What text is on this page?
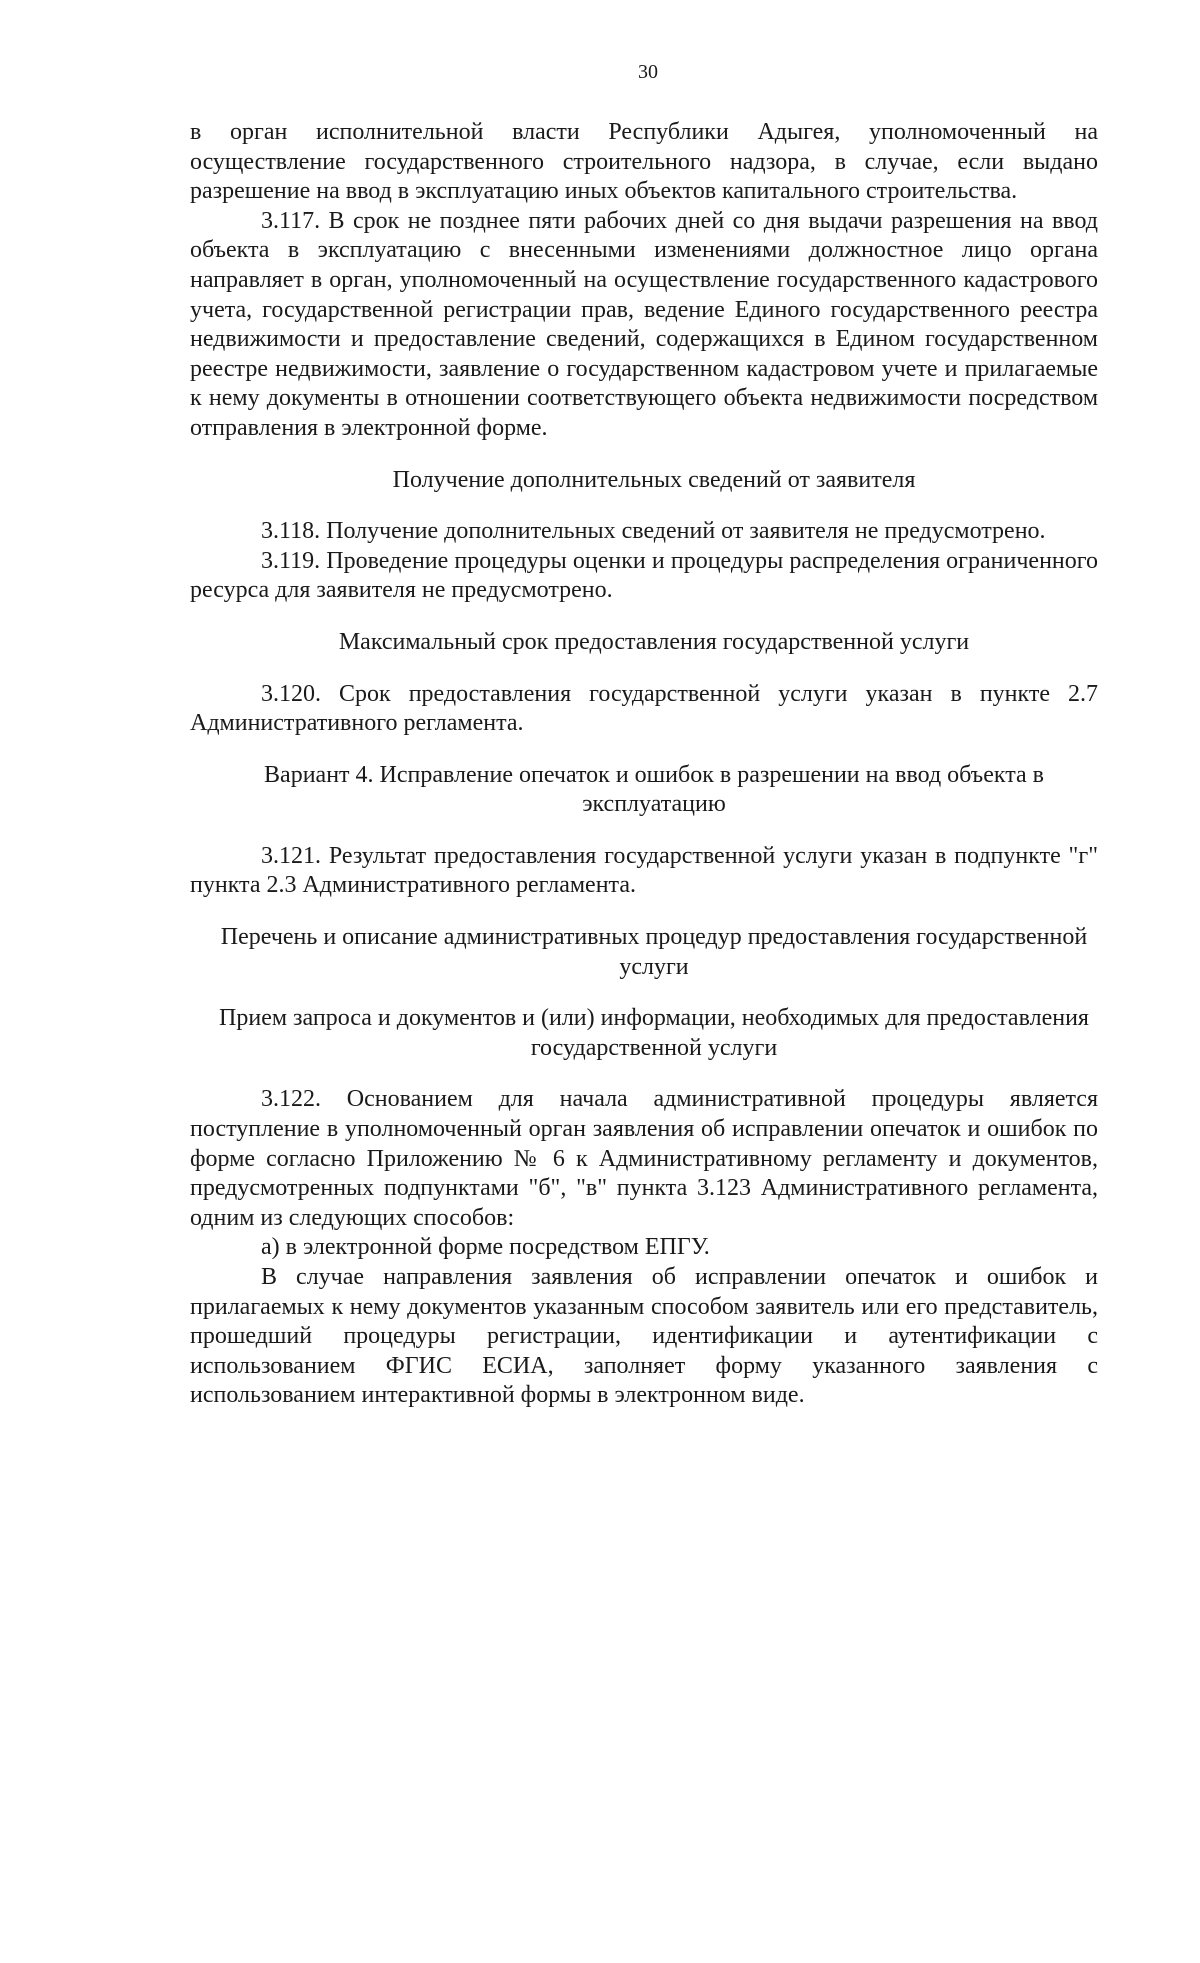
30

в орган исполнительной власти Республики Адыгея, уполномоченный на осуществление государственного строительного надзора, в случае, если выдано разрешение на ввод в эксплуатацию иных объектов капитального строительства.

3.117. В срок не позднее пяти рабочих дней со дня выдачи разрешения на ввод объекта в эксплуатацию с внесенными изменениями должностное лицо органа направляет в орган, уполномоченный на осуществление государственного кадастрового учета, государственной регистрации прав, ведение Единого государственного реестра недвижимости и предоставление сведений, содержащихся в Едином государственном реестре недвижимости, заявление о государственном кадастровом учете и прилагаемые к нему документы в отношении соответствующего объекта недвижимости посредством отправления в электронной форме.

Получение дополнительных сведений от заявителя

3.118. Получение дополнительных сведений от заявителя не предусмотрено.

3.119. Проведение процедуры оценки и процедуры распределения ограниченного ресурса для заявителя не предусмотрено.

Максимальный срок предоставления государственной услуги

3.120. Срок предоставления государственной услуги указан в пункте 2.7 Административного регламента.

Вариант 4. Исправление опечаток и ошибок в разрешении на ввод объекта в эксплуатацию

3.121. Результат предоставления государственной услуги указан в подпункте "г" пункта 2.3 Административного регламента.

Перечень и описание административных процедур предоставления государственной услуги

Прием запроса и документов и (или) информации, необходимых для предоставления государственной услуги

3.122. Основанием для начала административной процедуры является поступление в уполномоченный орган заявления об исправлении опечаток и ошибок по форме согласно Приложению № 6 к Административному регламенту и документов, предусмотренных подпунктами "б", "в" пункта 3.123 Административного регламента, одним из следующих способов:

а) в электронной форме посредством ЕПГУ.

В случае направления заявления об исправлении опечаток и ошибок и прилагаемых к нему документов указанным способом заявитель или его представитель, прошедший процедуры регистрации, идентификации и аутентификации с использованием ФГИС ЕСИА, заполняет форму указанного заявления с использованием интерактивной формы в электронном виде.
